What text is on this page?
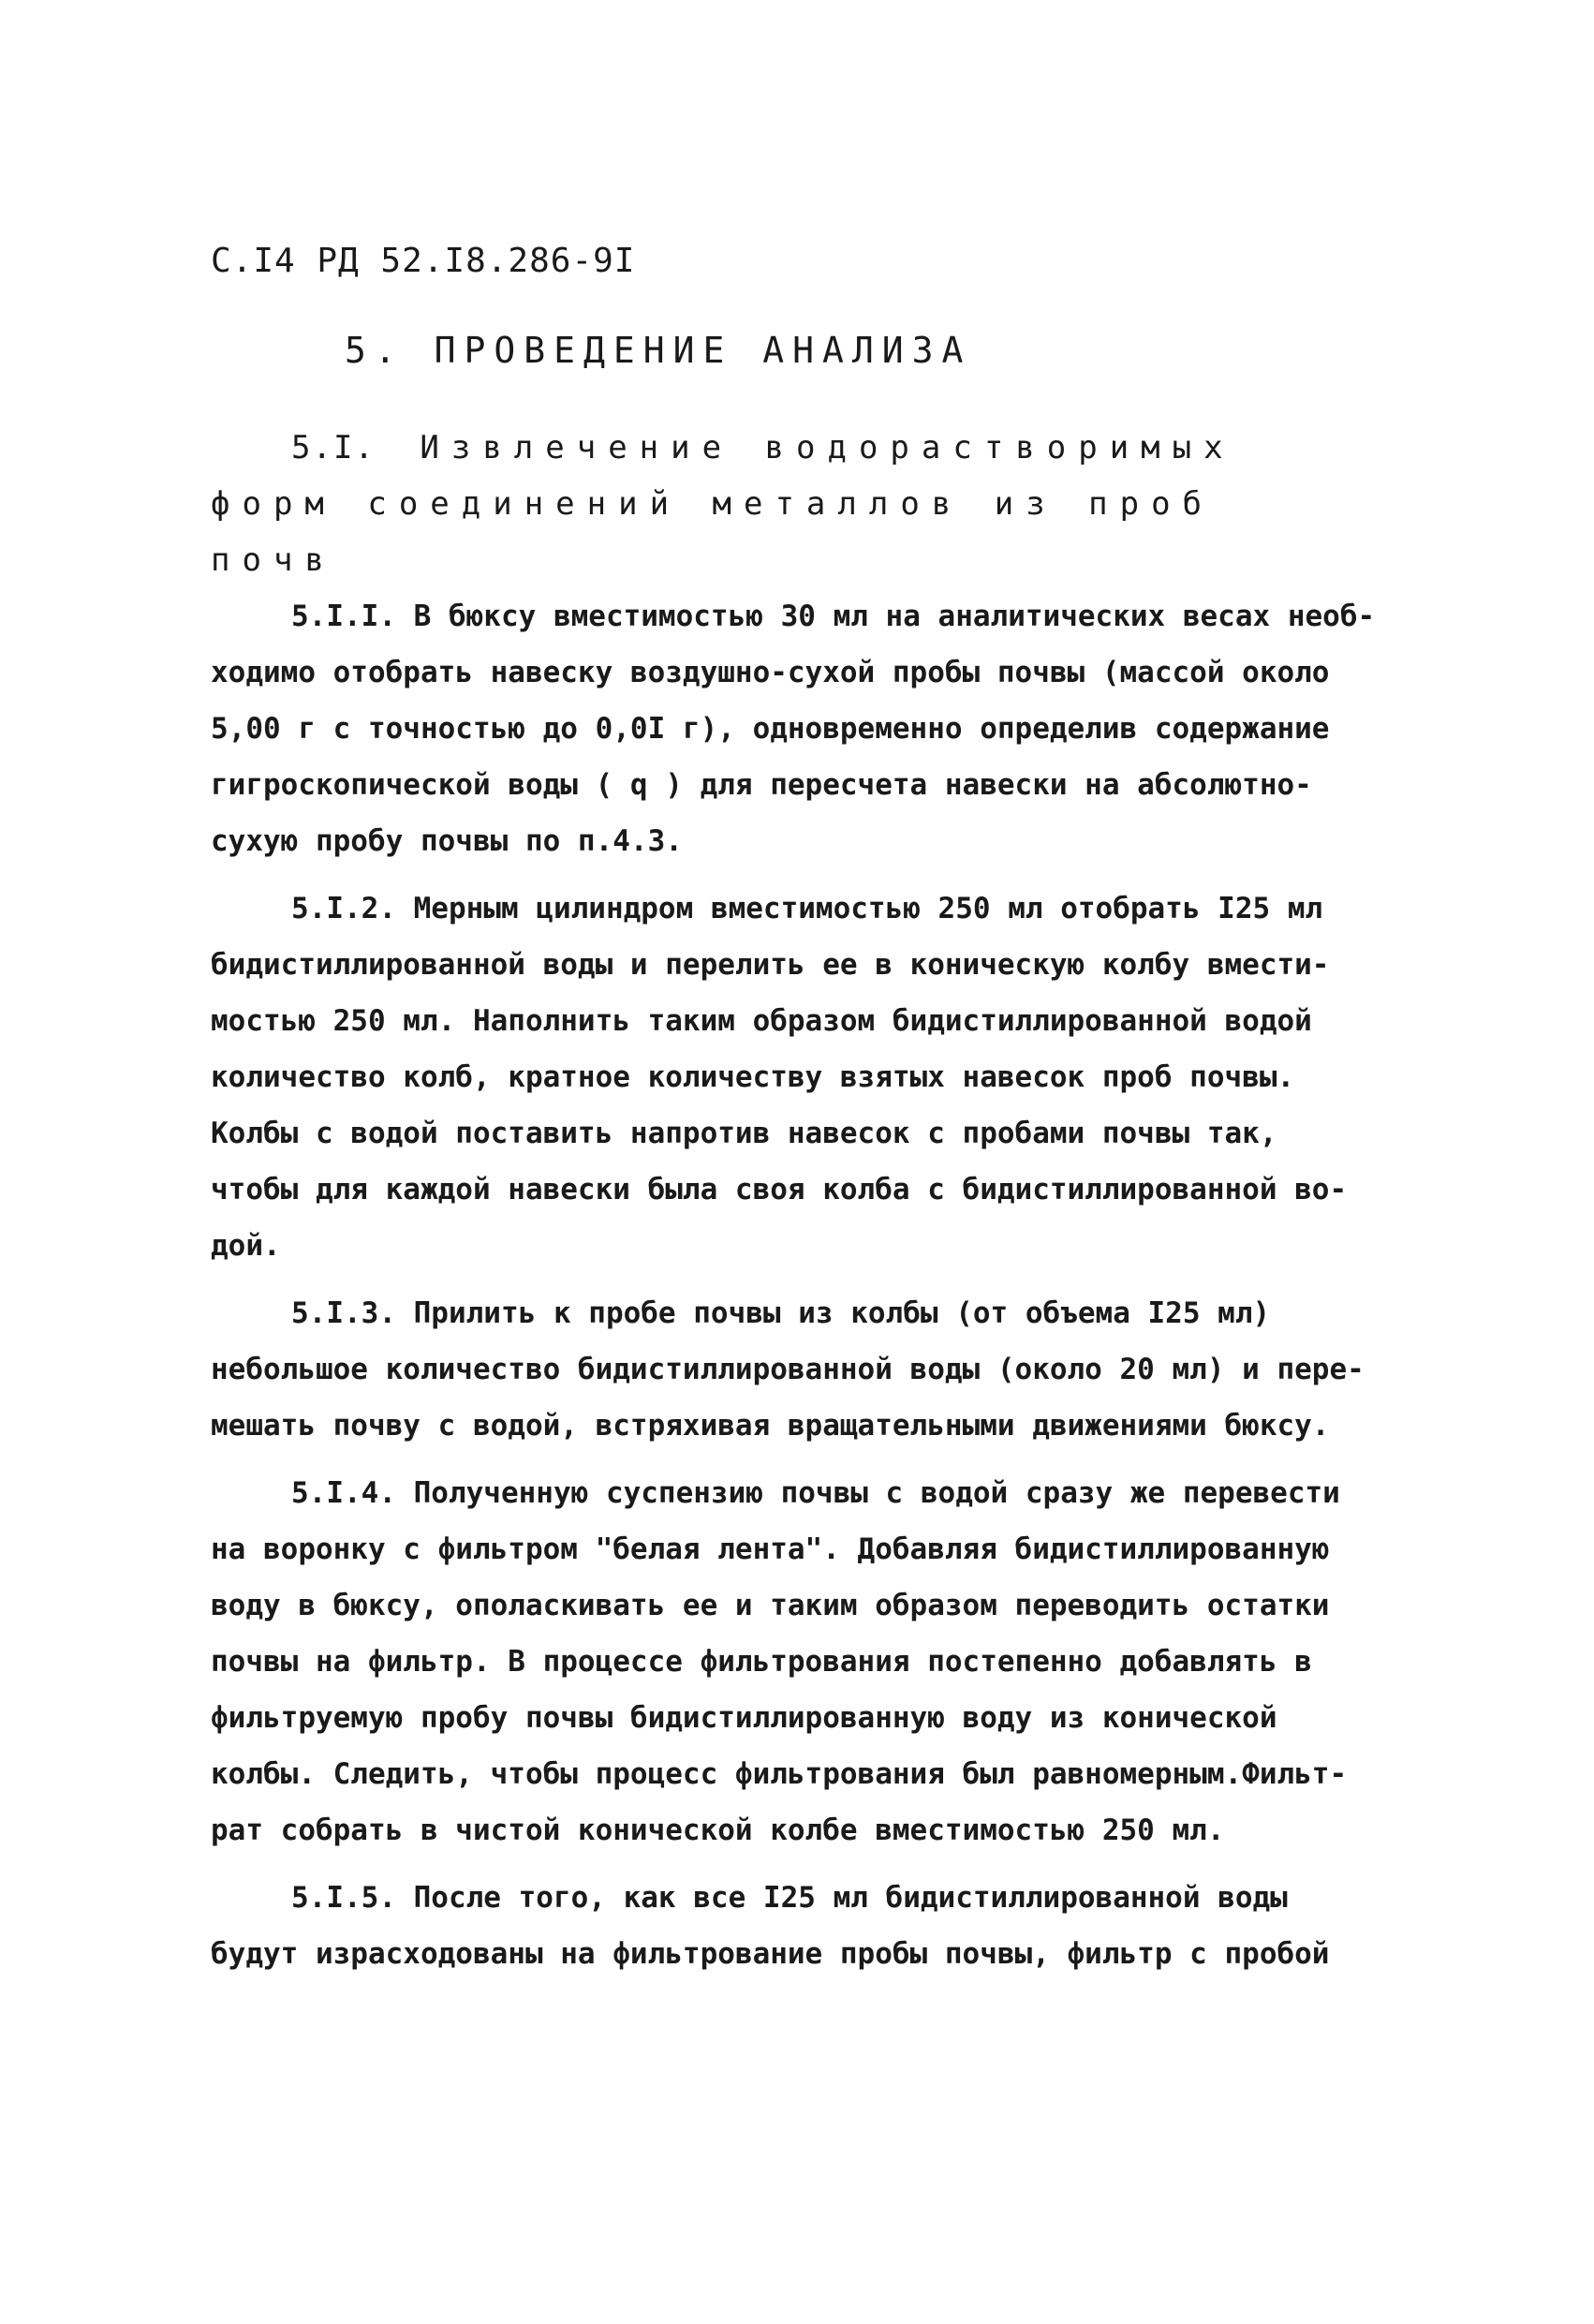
С.I4 РД 52.I8.286-9I
5. ПРОВЕДЕНИЕ АНАЛИЗА
5.I. Извлечение водорастворимых
форм соединений металлов из проб
почв
5.I.I. В бюксу вместимостью 30 мл на аналитических весах необ-
ходимо отобрать навеску воздушно-сухой пробы почвы (массой около
5,00 г с точностью до 0,0I г), одновременно определив содержание
гигроскопической воды ( q ) для пересчета навески на абсолютно-
сухую пробу почвы по п.4.3.
5.I.2. Мерным цилиндром вместимостью 250 мл отобрать I25 мл
бидистиллированной воды и перелить ее в коническую колбу вмести-
мостью 250 мл. Наполнить таким образом бидистиллированной водой
количество колб, кратное количеству взятых навесок проб почвы.
Колбы с водой поставить напротив навесок с пробами почвы так,
чтобы для каждой навески была своя колба с бидистиллированной во-
дой.
5.I.3. Прилить к пробе почвы из колбы (от объема I25 мл)
небольшое количество бидистиллированной воды (около 20 мл) и пере-
мешать почву с водой, встряхивая вращательными движениями бюксу.
5.I.4. Полученную суспензию почвы с водой сразу же перевести
на воронку с фильтром "белая лента". Добавляя бидистиллированную
воду в бюксу, ополаскивать ее и таким образом переводить остатки
почвы на фильтр. В процессе фильтрования постепенно добавлять в
фильтруемую пробу почвы бидистиллированную воду из конической
колбы. Следить, чтобы процесс фильтрования был равномерным.Фильт-
рат собрать в чистой конической колбе вместимостью 250 мл.
5.I.5. После того, как все I25 мл бидистиллированной воды
будут израсходованы на фильтрование пробы почвы, фильтр с пробой
